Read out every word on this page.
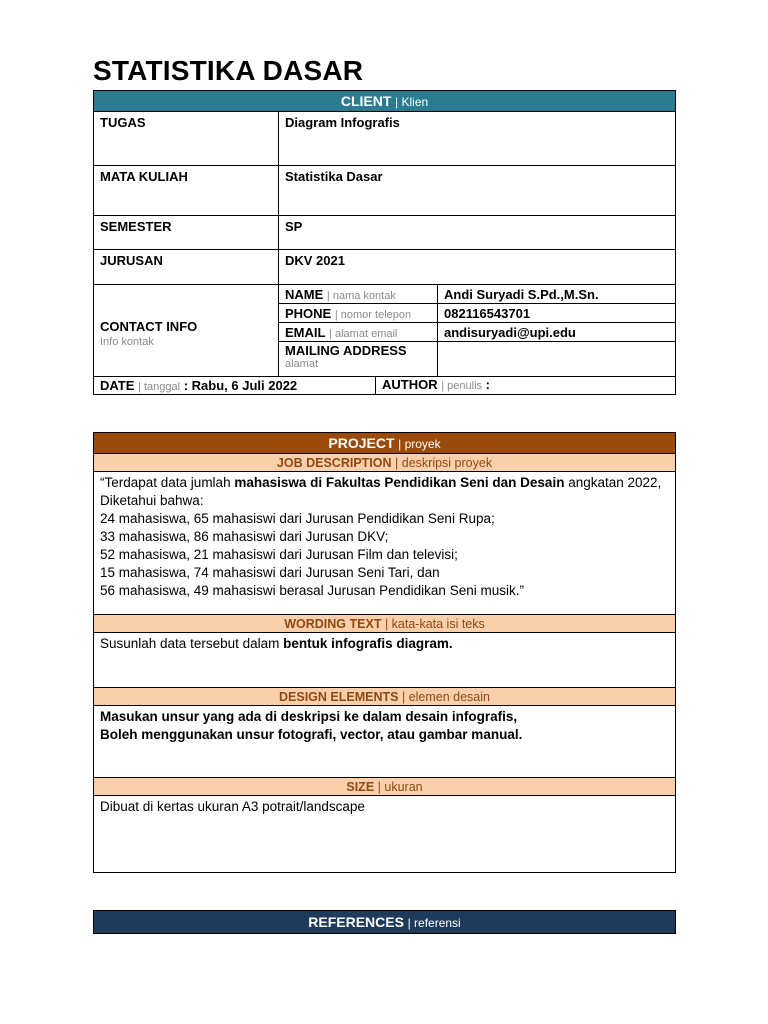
STATISTIKA DASAR
CLIENT | Klien		
TUGAS	Diagram Infografis	
MATA KULIAH	Statistika Dasar	
SEMESTER	SP	
JURUSAN	DKV 2021	

CONTACT INFO
Info kontak	NAME | nama kontak	Andi Suryadi S.Pd.,M.Sn.
	PHONE | nomor telepon	082116543701
	EMAIL | alamat email	andisuryadi@upi.edu

	MAILING ADDRESS
alamat	

DATE | tanggal : Rabu, 6 Juli 2022 AUTHOR | penulis :		
PROJECT | proyek
JOB DESCRIPTION | deskripsi proyek

“Terdapat data jumlah mahasiswa di Fakultas Pendidikan Seni dan Desain angkatan 2022,
Diketahui bahwa:
24 mahasiswa, 65 mahasiswi dari Jurusan Pendidikan Seni Rupa;
33 mahasiswa, 86 mahasiswi dari Jurusan DKV;
52 mahasiswa, 21 mahasiswi dari Jurusan Film dan televisi;
15 mahasiswa, 74 mahasiswi dari Jurusan Seni Tari, dan
56 mahasiswa, 49 mahasiswi berasal Jurusan Pendidikan Seni musik.”

WORDING TEXT | kata-kata isi teks
Susunlah data tersebut dalam bentuk infografis diagram.
DESIGN ELEMENTS | elemen desain

Masukan unsur yang ada di deskripsi ke dalam desain infografis,
Boleh menggunakan unsur fotografi, vector, atau gambar manual.

SIZE | ukuran
Dibuat di kertas ukuran A3 potrait/landscape
REFERENCES | referensi
